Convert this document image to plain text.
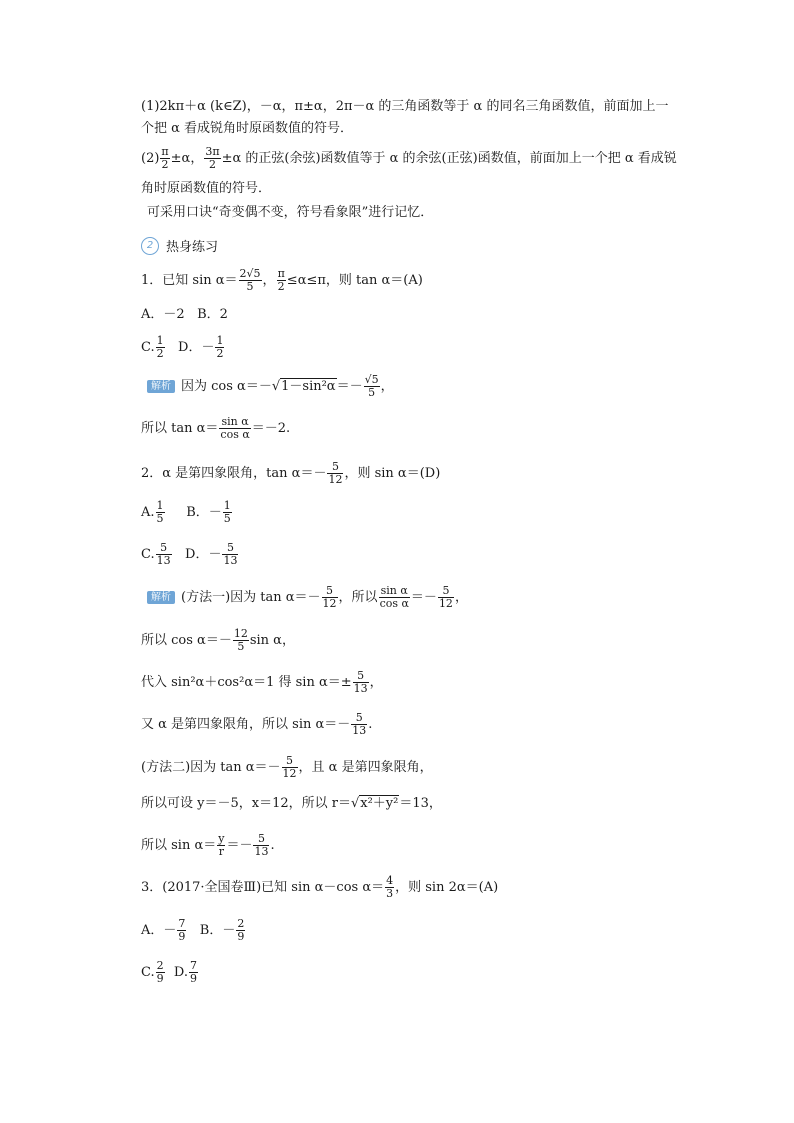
(1)2kπ＋α (k∈Z)，－α，π±α，2π－α 的三角函数等于 α 的同名三角函数值，前面加上一
个把 α 看成锐角时原函数值的符号．
$(2) \frac{\pi}{2} \pm\alpha$， $\frac{3\pi}{2} \pm\alpha$ 的正弦(余弦)函数值等于 α 的余弦(正弦)函数值，前面加上一个把 α 看成锐
角时原函数值的符号．
可采用口诀“奇变偶不变，符号看象限”进行记忆．
2 热身练习
1．已知 $\sin \alpha= \frac{2√5}{5}$ ， $\frac{\pi}{2} \le\alpha\le\pi$，则 tan α＝(A)
A．－2 B．2
C. $\frac{1}{2}$ D．－ $\frac{1}{2}$
解析 因为 $\cos \alpha=-√1-\sin^2\alpha=- \frac{√5}{5}$ ，
所以 $\tan \alpha= \frac{\text{sin α}}{\text{cos α}} =-2$.
2．α 是第四象限角，$\tan \alpha=- \frac{5}{12}$ ，则 sin α＝(D)
A. $\frac{1}{5}$ B．－ $\frac{1}{5}$
C. $\frac{5}{13}$ D．－ $\frac{5}{13}$
解析 (方法一)因为 $\tan \alpha=- \frac{5}{12}$ ，所以 $\frac{\text{sin α}}{\text{cos α}} =- \frac{5}{12}$ ，
所以 $\cos \alpha=- \frac{12}{5}$ sin α，
代入 sin²α＋cos²α＝1 得 $\sin \alpha=\pm \frac{5}{13}$ ，
又 α 是第四象限角，所以 $\sin \alpha=- \frac{5}{13}$ .
(方法二)因为 $\tan \alpha=- \frac{5}{12}$ ，且 α 是第四象限角，
所以可设 y＝－5，x＝12，所以 r＝√x²＋y²＝13，
所以 $\sin \alpha= \frac{y}{r} =- \frac{5}{13}$ .
3．(2017·全国卷Ⅲ)已知 sin α－cos $\alpha= \frac{4}{3}$ ，则 sin 2α＝(A)
A．－ $\frac{7}{9}$ B．－ $\frac{2}{9}$
C. $\frac{2}{9} D$. $\frac{7}{9}$
